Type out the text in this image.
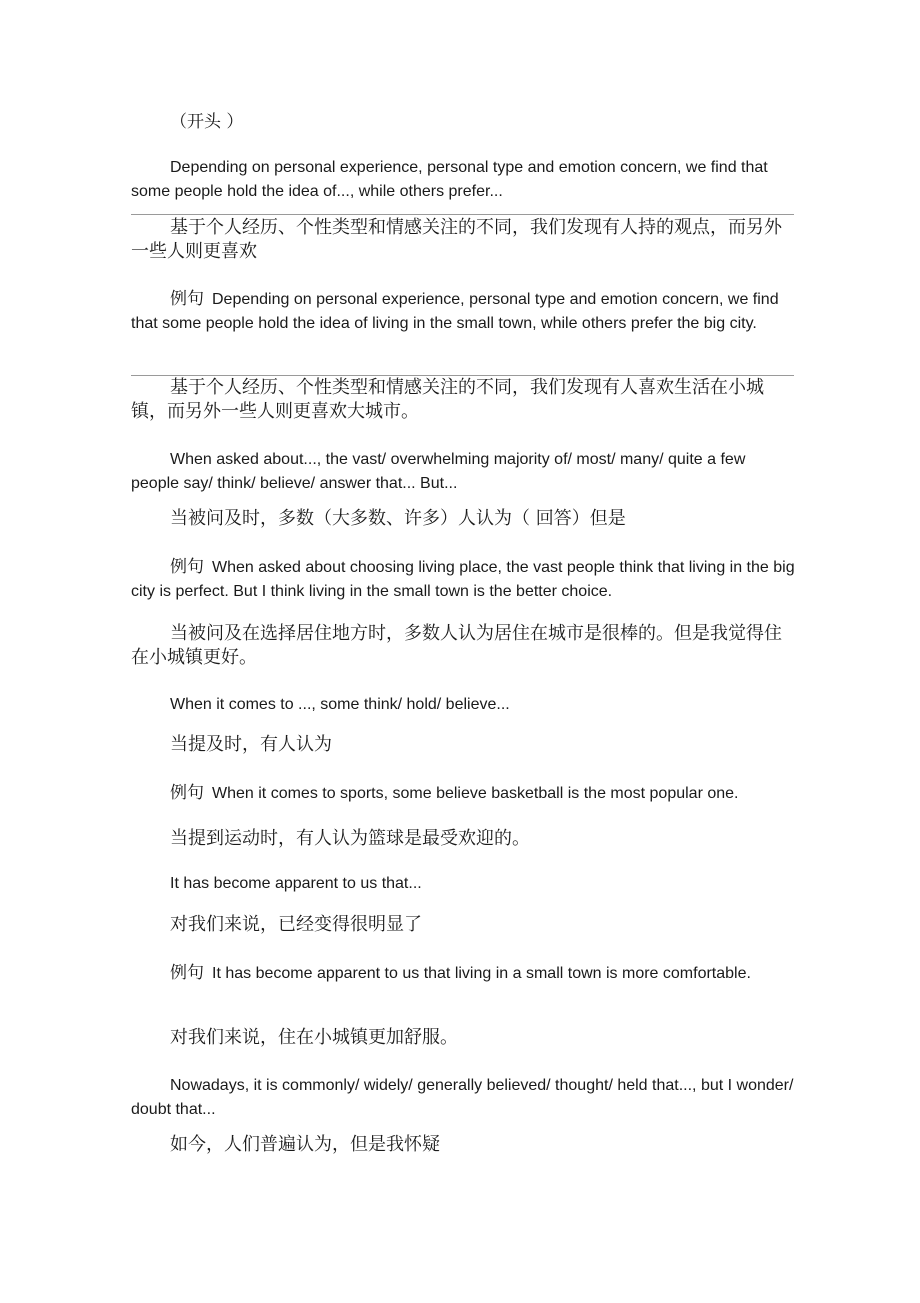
（开头 ）

Depending on personal experience, personal type and emotion concern, we find that some people hold the idea of..., while others prefer...

基于个人经历、个性类型和情感关注的不同，我们发现有人持的观点，而另外一些人则更喜欢

例句 Depending on personal experience, personal type and emotion concern, we find that some people hold the idea of living in the small town, while others prefer the big city.

基于个人经历、个性类型和情感关注的不同，我们发现有人喜欢生活在小城镇，而另外一些人则更喜欢大城市。

When asked about..., the vast/ overwhelming majority of/ most/ many/ quite a few people say/ think/ believe/ answer that... But...

当被问及时，多数（大多数、许多）人认为（ 回答）但是

例句 When asked about choosing living place, the vast people think that living in the big city is perfect. But I think living in the small town is the better choice.

当被问及在选择居住地方时，多数人认为居住在城市是很棒的。但是我觉得住在小城镇更好。

When it comes to ..., some think/ hold/ believe...

当提及时，有人认为

例句 When it comes to sports, some believe basketball is the most popular one.

当提到运动时，有人认为篮球是最受欢迎的。

It has become apparent to us that...

对我们来说，已经变得很明显了

例句 It has become apparent to us that living in a small town is more comfortable.

对我们来说，住在小城镇更加舒服。

Nowadays, it is commonly/ widely/ generally believed/ thought/ held that..., but I wonder/ doubt that...

如今，人们普遍认为，但是我怀疑
